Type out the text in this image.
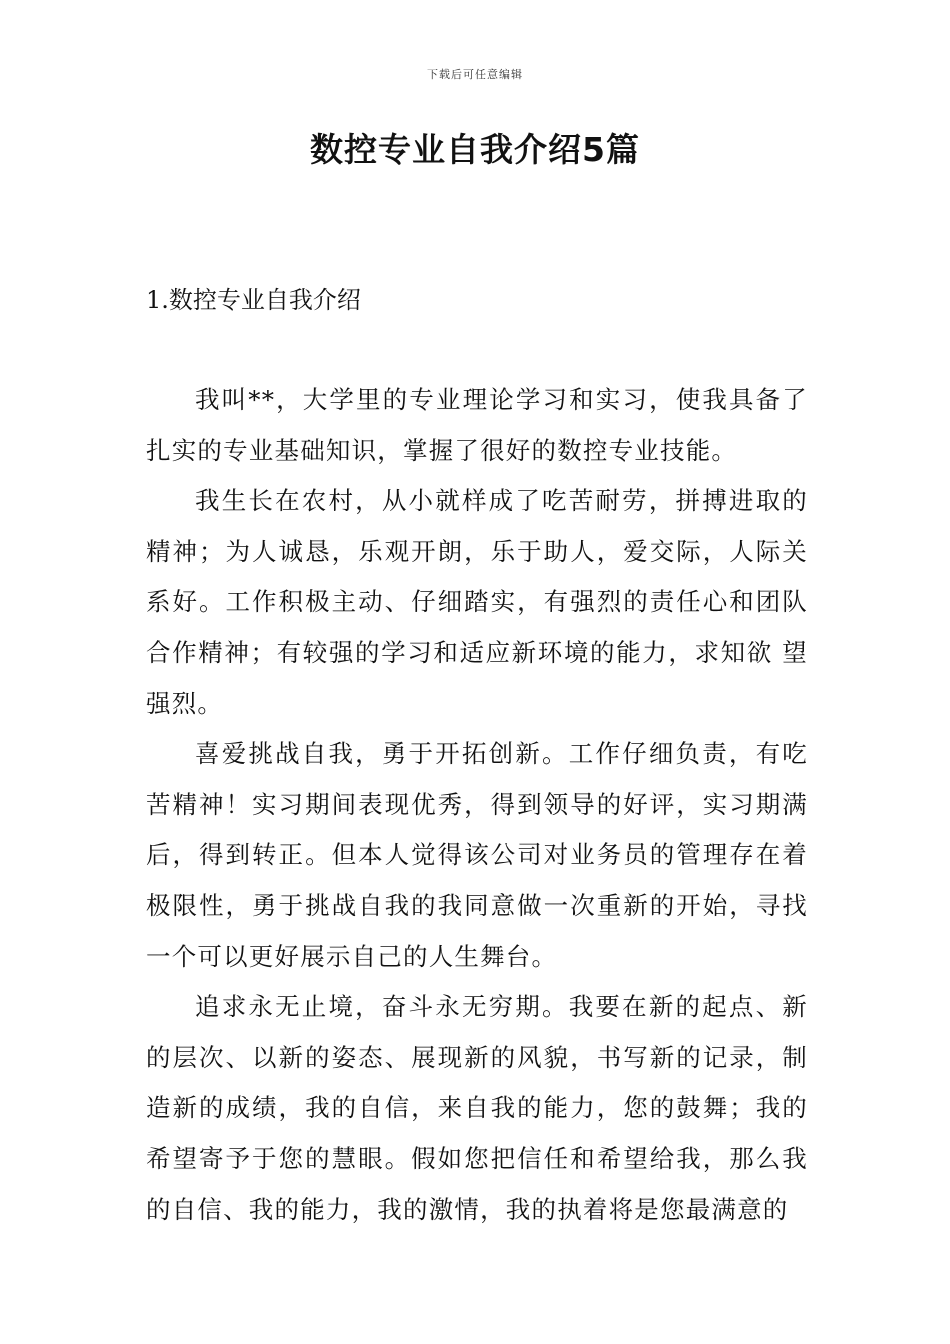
下载后可任意编辑
数控专业自我介绍5篇
1.数控专业自我介绍

我叫**，大学里的专业理论学习和实习，使我具备了扎实的专业基础知识，掌握了很好的数控专业技能。

我生长在农村，从小就样成了吃苦耐劳，拼搏进取的精神；为人诚恳，乐观开朗，乐于助人，爱交际，人际关系好。工作积极主动、仔细踏实，有强烈的责任心和团队合作精神；有较强的学习和适应新环境的能力，求知欲 望强烈。

喜爱挑战自我，勇于开拓创新。工作仔细负责，有吃苦精神！实习期间表现优秀，得到领导的好评，实习期满后，得到转正。但本人觉得该公司对业务员的管理存在着极限性，勇于挑战自我的我同意做一次重新的开始，寻找一个可以更好展示自己的人生舞台。

追求永无止境，奋斗永无穷期。我要在新的起点、新的层次、以新的姿态、展现新的风貌，书写新的记录，制造新的成绩，我的自信，来自我的能力，您的鼓舞；我的希望寄予于您的慧眼。假如您把信任和希望给我，那么我的自信、我的能力，我的激情，我的执着将是您最满意的
